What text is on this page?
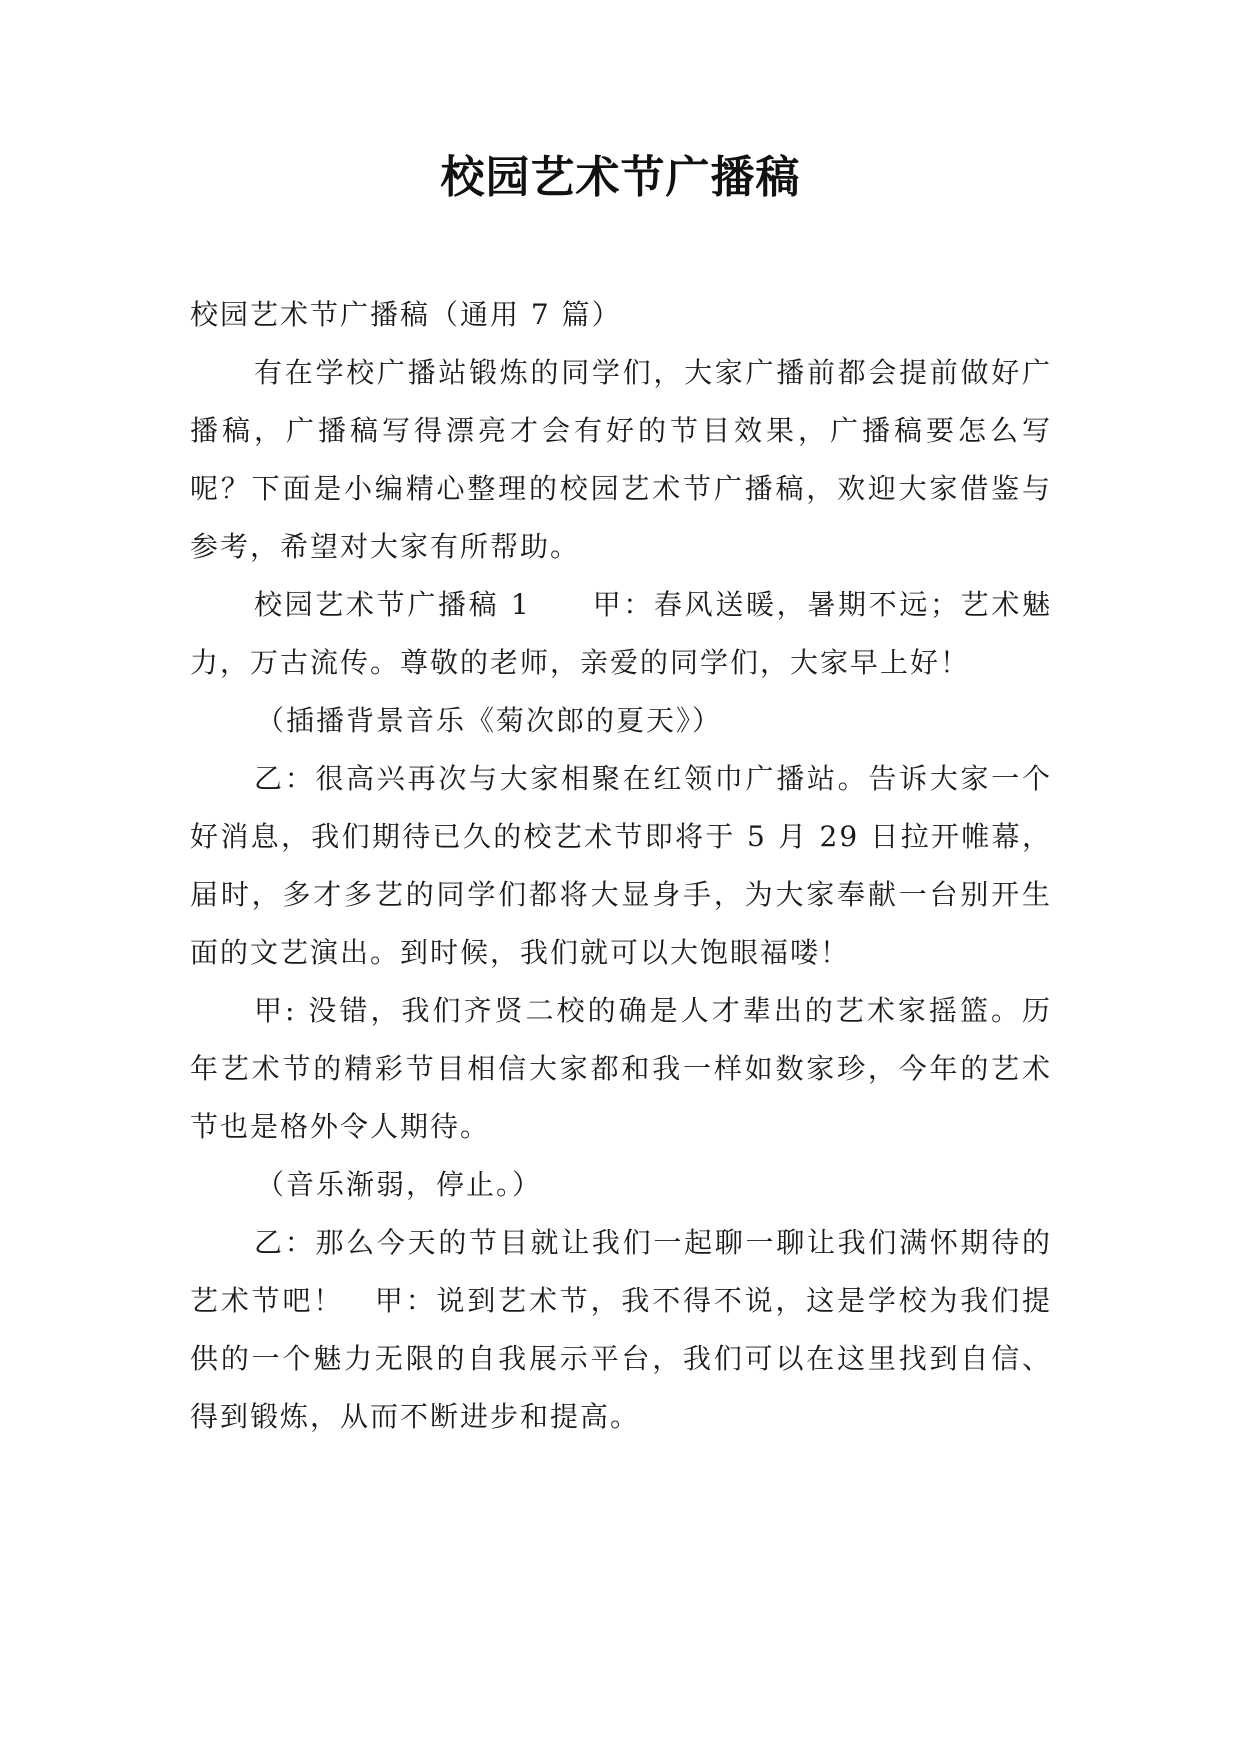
校园艺术节广播稿

校园艺术节广播稿（通用 7 篇）

有在学校广播站锻炼的同学们，大家广播前都会提前做好广播稿，广播稿写得漂亮才会有好的节目效果，广播稿要怎么写呢？下面是小编精心整理的校园艺术节广播稿，欢迎大家借鉴与参考，希望对大家有所帮助。

校园艺术节广播稿 1　　甲：春风送暖，暑期不远；艺术魅力，万古流传。尊敬的老师，亲爱的同学们，大家早上好！

（插播背景音乐《菊次郎的夏天》）

乙：很高兴再次与大家相聚在红领巾广播站。告诉大家一个好消息，我们期待已久的校艺术节即将于 5 月 29 日拉开帷幕，届时，多才多艺的同学们都将大显身手，为大家奉献一台别开生面的文艺演出。到时候，我们就可以大饱眼福喽！

甲: 没错，我们齐贤二校的确是人才辈出的艺术家摇篮。历年艺术节的精彩节目相信大家都和我一样如数家珍，今年的艺术节也是格外令人期待。

（音乐渐弱，停止。）

乙：那么今天的节目就让我们一起聊一聊让我们满怀期待的艺术节吧！　甲：说到艺术节，我不得不说，这是学校为我们提供的一个魅力无限的自我展示平台，我们可以在这里找到自信、得到锻炼，从而不断进步和提高。
